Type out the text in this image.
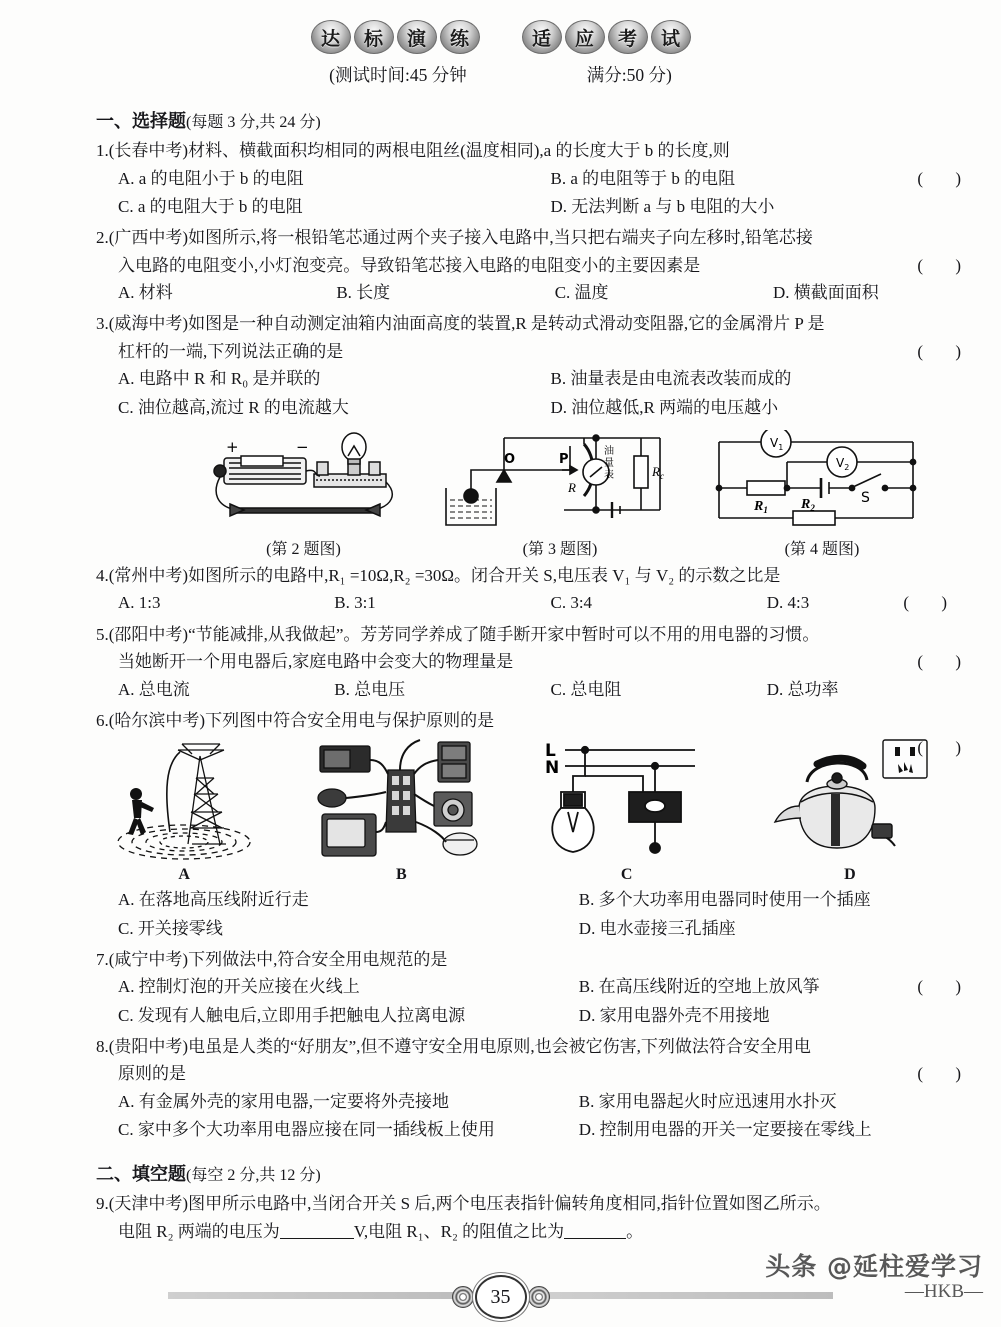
达	标	演	练	适	应	考	试
(测试时间:45 分钟	满分:50 分)
一、选择题(每题 3 分,共 24 分)
1.(长春中考)材料、横截面积均相同的两根电阻丝(温度相同),a 的长度大于 b 的长度,则
( )
A. a 的电阻小于 b 的电阻	B. a 的电阻等于 b 的电阻
C. a 的电阻大于 b 的电阻	D. 无法判断 a 与 b 电阻的大小
2.(广西中考)如图所示,将一根铅笔芯通过两个夹子接入电路中,当只把右端夹子向左移时,铅笔芯接
入电路的电阻变小,小灯泡变亮。导致铅笔芯接入电路的电阻变小的主要因素是	( )
A. 材料	B. 长度	C. 温度	D. 横截面面积
3.(威海中考)如图是一种自动测定油箱内油面高度的装置,R 是转动式滑动变阻器,它的金属滑片 P 是
杠杆的一端,下列说法正确的是	( )
A. 电路中 R 和 R₀ 是并联的	B. 油量表是由电流表改装而成的
C. 油位越高,流过 R 的电流越大	D. 油位越低,R 两端的电压越小
+	−
(第 2 题图)
O	P
R
油
量
表	$R_c$
(第 3 题图)
$V_1$
$V_2$
$R_1$ $R_2$
S
(第 4 题图)
4.(常州中考)如图所示的电路中,R₁ =10Ω,R₂ =30Ω。闭合开关 S,电压表 V₁ 与 V₂ 的示数之比是
( )
A. 1:3	B. 3:1	C. 3:4	D. 4:3
5.(邵阳中考)“节能减排,从我做起”。芳芳同学养成了随手断开家中暂时可以不用的用电器的习惯。
当她断开一个用电器后,家庭电路中会变大的物理量是	( )
A. 总电流	B. 总电压	C. 总电阻	D. 总功率
6.(哈尔滨中考)下列图中符合安全用电与保护原则的是
( )
A	B
L
N
C	D
A. 在落地高压线附近行走	B. 多个大功率用电器同时使用一个插座
C. 开关接零线	D. 电水壶接三孔插座
7.(咸宁中考)下列做法中,符合安全用电规范的是
( )
A. 控制灯泡的开关应接在火线上	B. 在高压线附近的空地上放风筝
C. 发现有人触电后,立即用手把触电人拉离电源	D. 家用电器外壳不用接地
8.(贵阳中考)电虽是人类的“好朋友”,但不遵守安全用电原则,也会被它伤害,下列做法符合安全用电
原则的是	( )
A. 有金属外壳的家用电器,一定要将外壳接地	B. 家用电器起火时应迅速用水扑灭
C. 家中多个大功率用电器应接在同一插线板上使用	D. 控制用电器的开关一定要接在零线上
二、填空题(每空 2 分,共 12 分)
9.(天津中考)图甲所示电路中,当闭合开关 S 后,两个电压表指针偏转角度相同,指针位置如图乙所示。
电阻 R₂ 两端的电压为	V,电阻 R₁、R₂ 的阻值之比为	。
35
头条 @延柱爱学习
—HKB—
